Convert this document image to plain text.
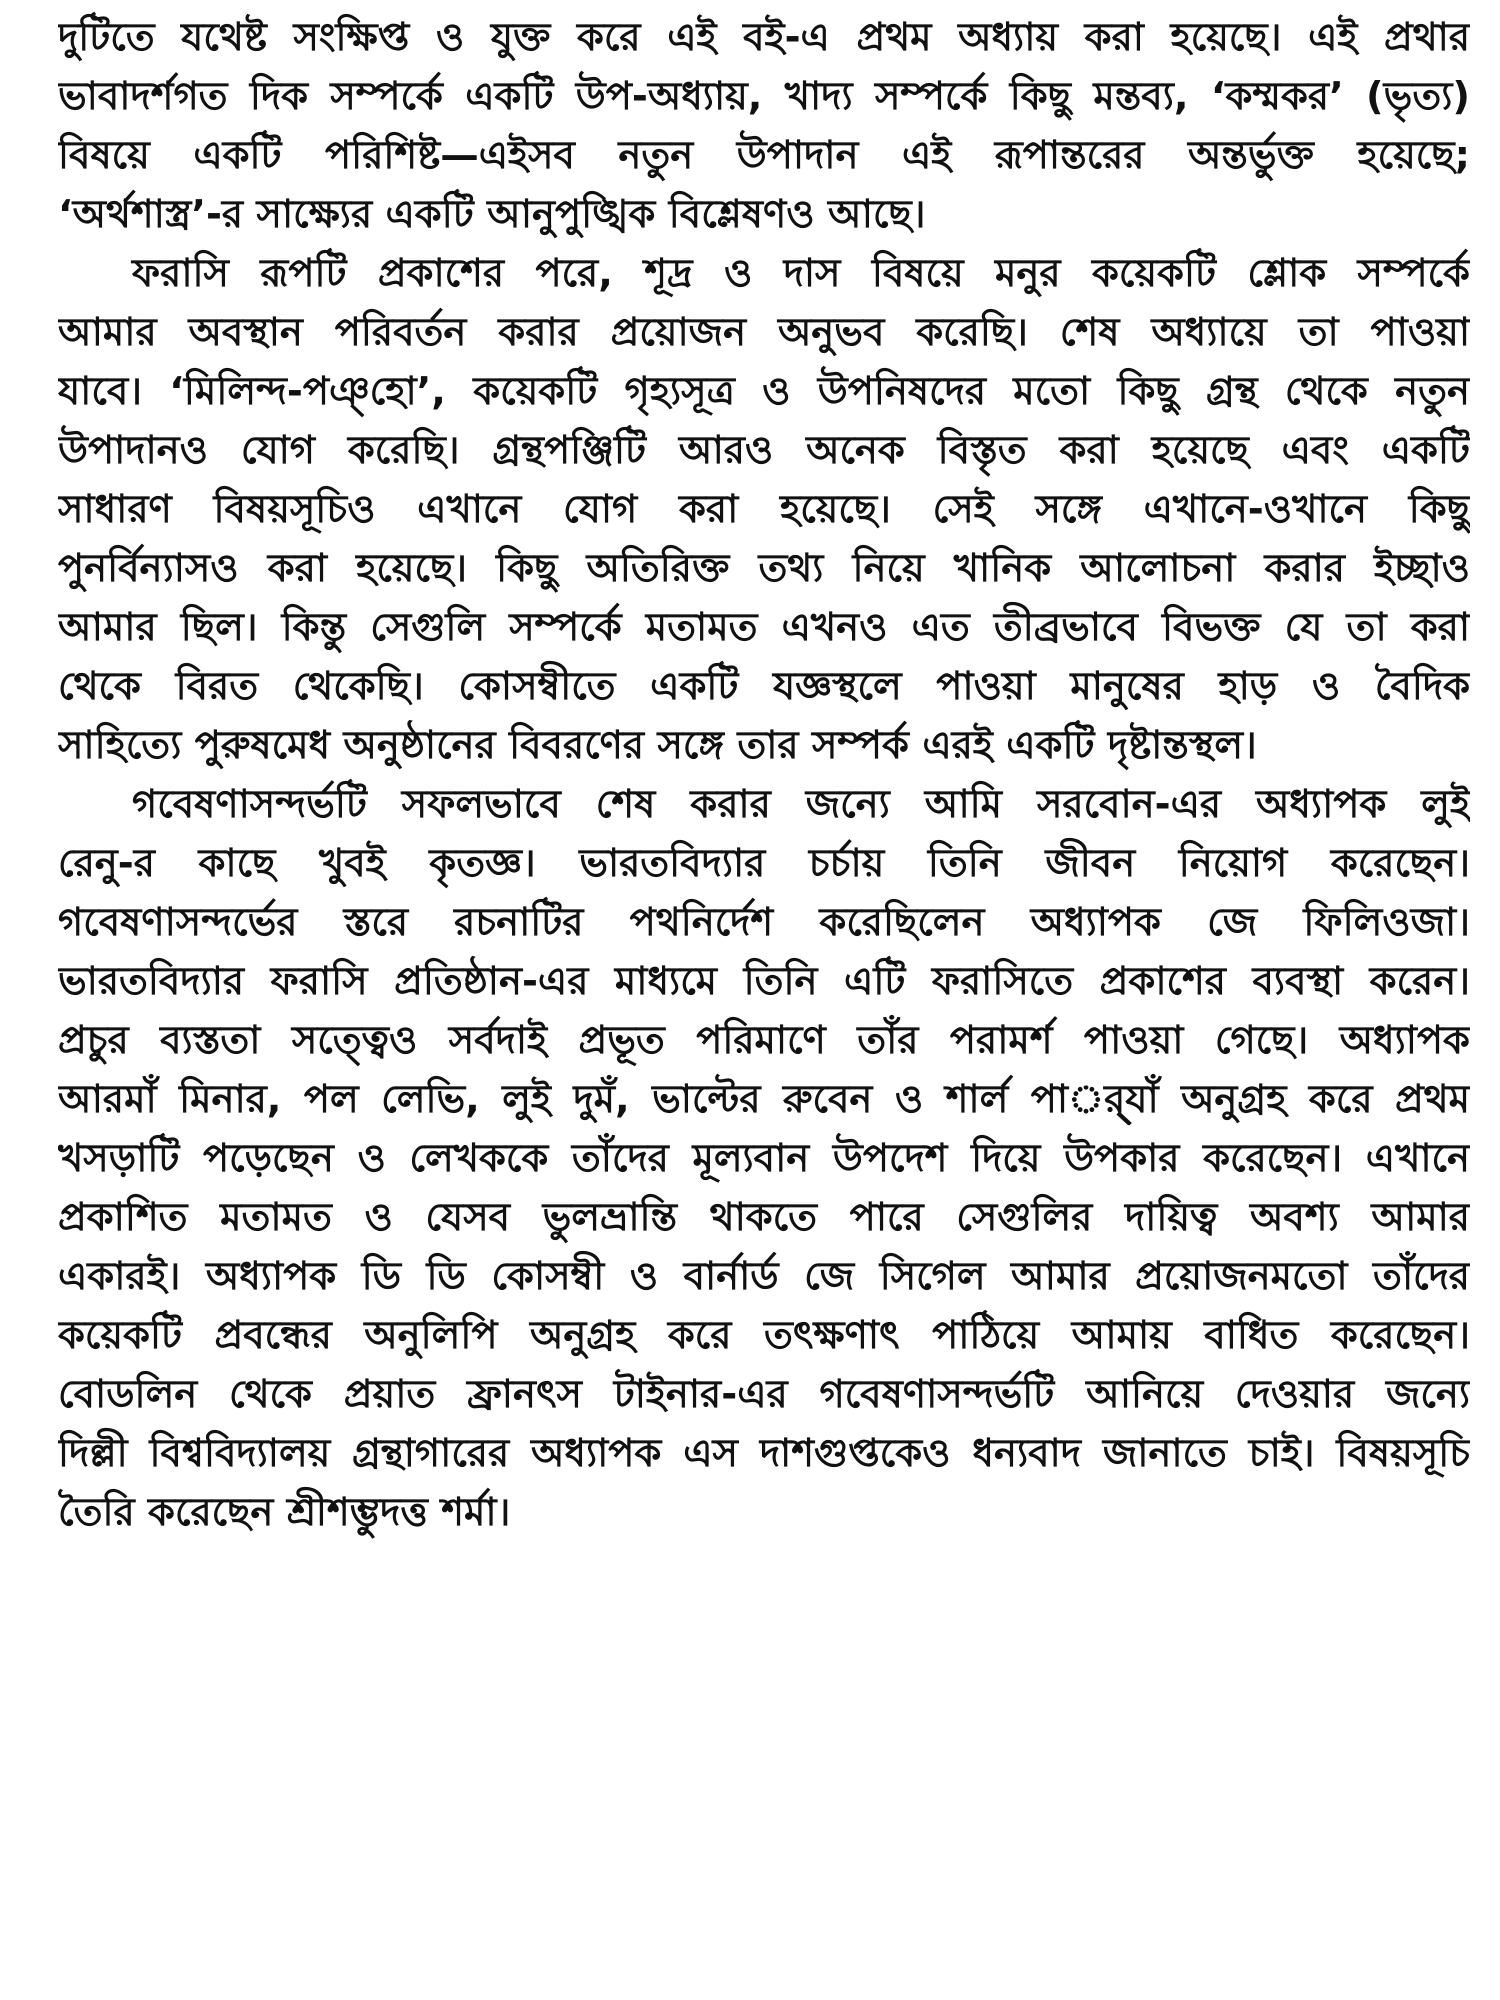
দুটিতে যথেষ্ট সংক্ষিপ্ত ও যুক্ত করে এই বই-এ প্রথম অধ্যায় করা হয়েছে। এই প্রথার
ভাবাদর্শগত দিক সম্পর্কে একটি উপ-অধ্যায়, খাদ্য সম্পর্কে কিছু মন্তব্য, ‘কম্মকর’ (ভৃত্য)
বিষয়ে একটি পরিশিষ্ট—এইসব নতুন উপাদান এই রূপান্তরের অন্তর্ভুক্ত হয়েছে;
‘অর্থশাস্ত্র’-র সাক্ষ্যের একটি আনুপুঙ্খিক বিশ্লেষণও আছে।
ফরাসি রূপটি প্রকাশের পরে, শূদ্র ও দাস বিষয়ে মনুর কয়েকটি শ্লোক সম্পর্কে
আমার অবস্থান পরিবর্তন করার প্রয়োজন অনুভব করেছি। শেষ অধ্যায়ে তা পাওয়া
যাবে। ‘মিলিন্দ-পঞ্‌হো’, কয়েকটি গৃহ্যসূত্র ও উপনিষদের মতো কিছু গ্রন্থ থেকে নতুন
উপাদানও যোগ করেছি। গ্রন্থপঞ্জিটি আরও অনেক বিস্তৃত করা হয়েছে এবং একটি
সাধারণ বিষয়সূচিও এখানে যোগ করা হয়েছে। সেই সঙ্গে এখানে-ওখানে কিছু
পুনর্বিন্যাসও করা হয়েছে। কিছু অতিরিক্ত তথ্য নিয়ে খানিক আলোচনা করার ইচ্ছাও
আমার ছিল। কিন্তু সেগুলি সম্পর্কে মতামত এখনও এত তীব্রভাবে বিভক্ত যে তা করা
থেকে বিরত থেকেছি। কোসম্বীতে একটি যজ্ঞস্থলে পাওয়া মানুষের হাড় ও বৈদিক
সাহিত্যে পুরুষমেধ অনুষ্ঠানের বিবরণের সঙ্গে তার সম্পর্ক এরই একটি দৃষ্টান্তস্থল।
গবেষণাসন্দর্ভটি সফলভাবে শেষ করার জন্যে আমি সরবোন-এর অধ্যাপক লুই
রেনু-র কাছে খুবই কৃতজ্ঞ। ভারতবিদ্যার চর্চায় তিনি জীবন নিয়োগ করেছেন।
গবেষণাসন্দর্ভের স্তরে রচনাটির পথনির্দেশ করেছিলেন অধ্যাপক জে ফিলিওজা।
ভারতবিদ্যার ফরাসি প্রতিষ্ঠান-এর মাধ্যমে তিনি এটি ফরাসিতে প্রকাশের ব্যবস্থা করেন।
প্রচুর ব্যস্ততা সত্ত্বেও সর্বদাই প্রভূত পরিমাণে তাঁর পরামর্শ পাওয়া গেছে। অধ্যাপক
আরমাঁ মিনার, পল লেভি, লুই দুমঁ, ভাল্টের রুবেন ও শার্ল পার্‍্যাঁ অনুগ্রহ করে প্রথম
খসড়াটি পড়েছেন ও লেখককে তাঁদের মূল্যবান উপদেশ দিয়ে উপকার করেছেন। এখানে
প্রকাশিত মতামত ও যেসব ভুলভ্রান্তি থাকতে পারে সেগুলির দায়িত্ব অবশ্য আমার
একারই। অধ্যাপক ডি ডি কোসম্বী ও বার্নার্ড জে সিগেল আমার প্রয়োজনমতো তাঁদের
কয়েকটি প্রবন্ধের অনুলিপি অনুগ্রহ করে তৎক্ষণাৎ পাঠিয়ে আমায় বাধিত করেছেন।
বোডলিন থেকে প্রয়াত ফ্রানৎস টাইনার-এর গবেষণাসন্দর্ভটি আনিয়ে দেওয়ার জন্যে
দিল্লী বিশ্ববিদ্যালয় গ্রন্থাগারের অধ্যাপক এস দাশগুপ্তকেও ধন্যবাদ জানাতে চাই। বিষয়সূচি
তৈরি করেছেন শ্রীশম্ভুদত্ত শর্মা।
